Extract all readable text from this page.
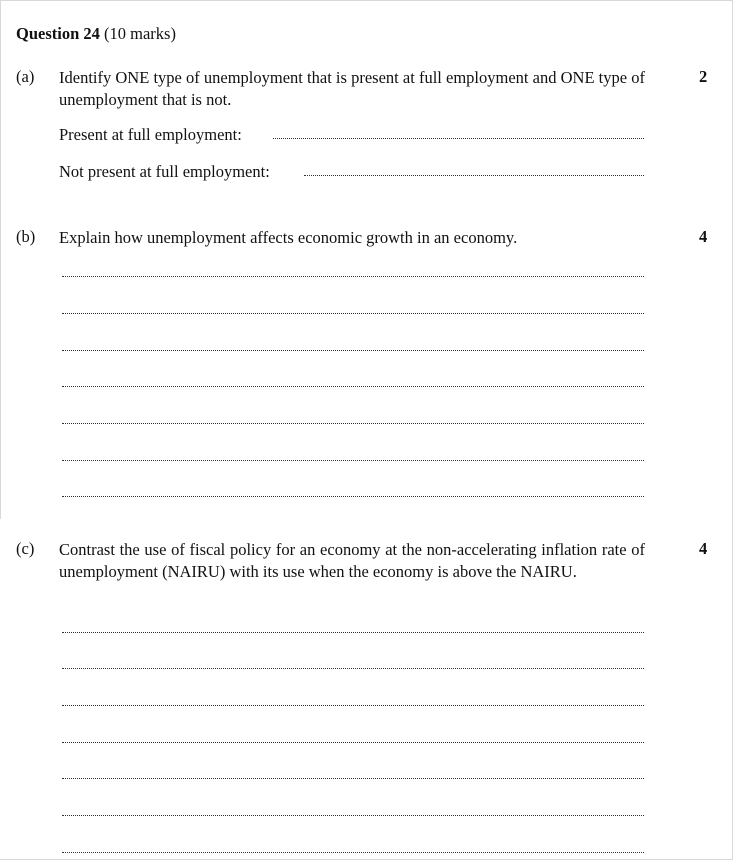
Question 24 (10 marks)
(a) Identify ONE type of unemployment that is present at full employment and ONE type of unemployment that is not.
2
Present at full employment:
Not present at full employment:
(b) Explain how unemployment affects economic growth in an economy.	4
(c) Contrast the use of fiscal policy for an economy at the non-accelerating inflation rate of unemployment (NAIRU) with its use when the economy is above the NAIRU.
4
